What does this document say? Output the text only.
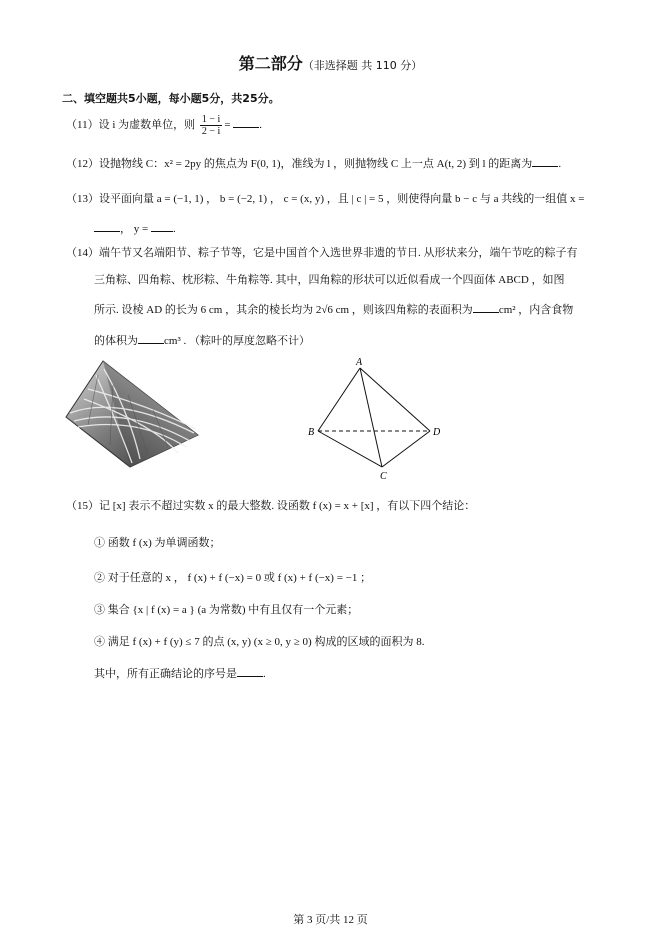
第二部分（非选择题 共 110 分）
二、填空题共5小题，每小题5分，共25分。
（11）设 i 为虚数单位，则 $\frac{1 - i}{2 - i}$ = .
（12）设抛物线 C：x² = 2py 的焦点为 F(0, 1)，准线为 l ，则抛物线 C 上一点 A(t, 2) 到 l 的距离为 .
（13）设平面向量 a = (−1, 1) ， b = (−2, 1) ， c = (x, y) ，且 | c | = 5 ，则使得向量 b − c 与 a 共线的一组值 x =
， y = .
（14）端午节又名端阳节、粽子节等，它是中国首个入选世界非遗的节日. 从形状来分，端午节吃的粽子有
三角粽、四角粽、枕形粽、牛角粽等. 其中，四角粽的形状可以近似看成一个四面体 ABCD ，如图
所示. 设棱 AD 的长为 6 cm ，其余的棱长均为 2√6 cm ，则该四角粽的表面积为 cm² ，内含食物
的体积为 cm³ . （粽叶的厚度忽略不计）
A
B
C
D
（15）记 [x] 表示不超过实数 x 的最大整数. 设函数 f (x) = x + [x] ，有以下四个结论：
① 函数 f (x) 为单调函数；
② 对于任意的 x ， f (x) + f (−x) = 0 或 f (x) + f (−x) = −1 ；
③ 集合 {x | f (x) = a } (a 为常数) 中有且仅有一个元素；
④ 满足 f (x) + f (y) ≤ 7 的点 (x, y) (x ≥ 0, y ≥ 0) 构成的区域的面积为 8.
其中，所有正确结论的序号是 .
第 3 页/共 12 页
